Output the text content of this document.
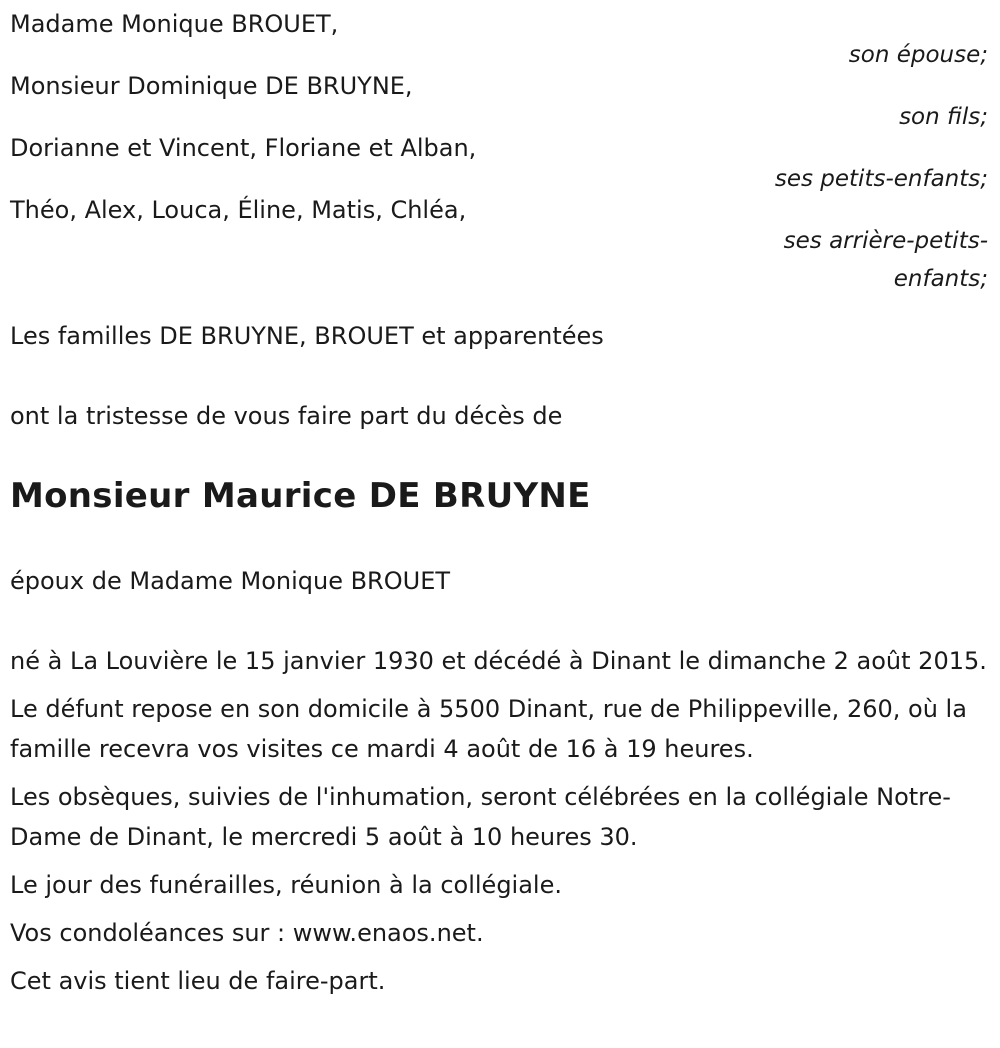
Madame Monique BROUET,
son épouse;
Monsieur Dominique DE BRUYNE,
son fils;
Dorianne et Vincent, Floriane et Alban,
ses petits-enfants;
Théo, Alex, Louca, Éline, Matis, Chléa,
ses arrière-petits-enfants;
Les familles DE BRUYNE, BROUET et apparentées
ont la tristesse de vous faire part du décès de
Monsieur Maurice DE BRUYNE
époux de Madame Monique BROUET
né à La Louvière le 15 janvier 1930 et décédé à Dinant le dimanche 2 août 2015.
Le défunt repose en son domicile à 5500 Dinant, rue de Philippeville, 260, où la famille recevra vos visites ce mardi 4 août de 16 à 19 heures.
Les obsèques, suivies de l'inhumation, seront célébrées en la collégiale Notre-Dame de Dinant, le mercredi 5 août à 10 heures 30.
Le jour des funérailles, réunion à la collégiale.
Vos condoléances sur : www.enaos.net.
Cet avis tient lieu de faire-part.
